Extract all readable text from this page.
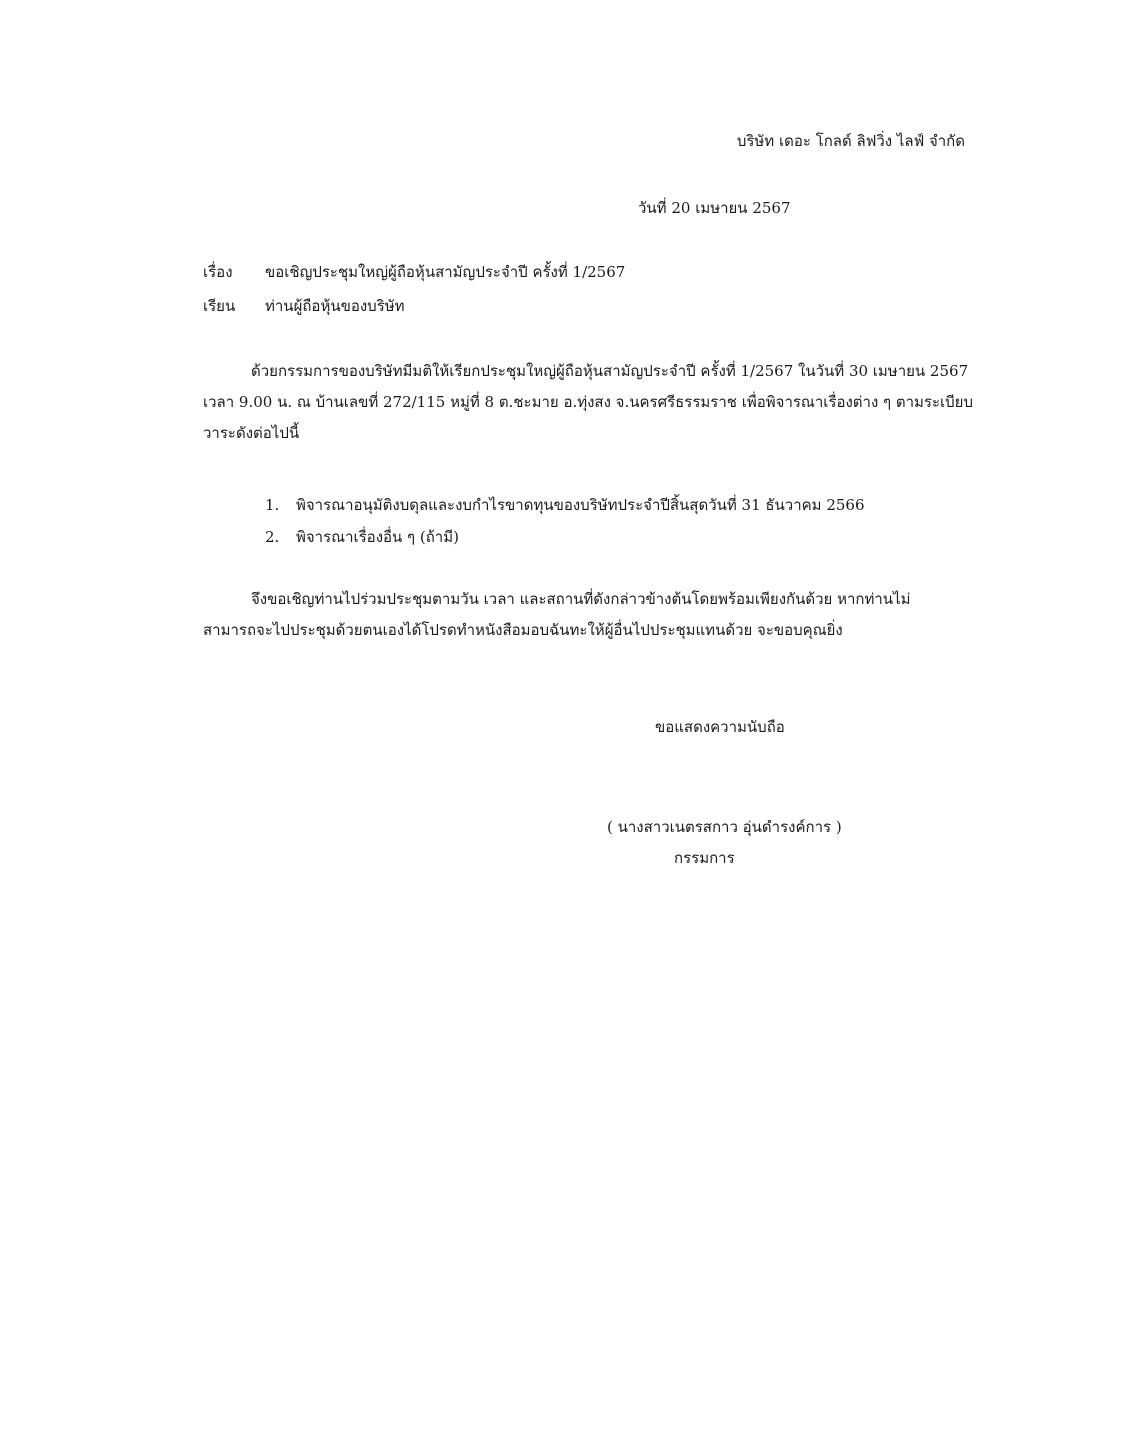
บริษัท เดอะ โกลด์ ลิฟวิ่ง ไลฟ์ จำกัด
วันที่ 20 เมษายน 2567
เรื่อง	ขอเชิญประชุมใหญ่ผู้ถือหุ้นสามัญประจำปี ครั้งที่ 1/2567
เรียน	ท่านผู้ถือหุ้นของบริษัท
ด้วยกรรมการของบริษัทมีมติให้เรียกประชุมใหญ่ผู้ถือหุ้นสามัญประจำปี ครั้งที่ 1/2567 ในวันที่ 30 เมษายน 2567
เวลา 9.00 น. ณ บ้านเลขที่ 272/115 หมู่ที่ 8 ต.ชะมาย อ.ทุ่งสง จ.นครศรีธรรมราช เพื่อพิจารณาเรื่องต่าง ๆ ตามระเบียบ
วาระดังต่อไปนี้
1.	พิจารณาอนุมัติงบดุลและงบกำไรขาดทุนของบริษัทประจำปีสิ้นสุดวันที่ 31 ธันวาคม 2566
2.	พิจารณาเรื่องอื่น ๆ (ถ้ามี)
จึงขอเชิญท่านไปร่วมประชุมตามวัน เวลา และสถานที่ดังกล่าวข้างต้นโดยพร้อมเพียงกันด้วย หากท่านไม่
สามารถจะไปประชุมด้วยตนเองได้โปรดทำหนังสือมอบฉันทะให้ผู้อื่นไปประชุมแทนด้วย จะขอบคุณยิ่ง
ขอแสดงความนับถือ
( นางสาวเนตรสกาว อุ่นดำรงค์การ )
กรรมการ
